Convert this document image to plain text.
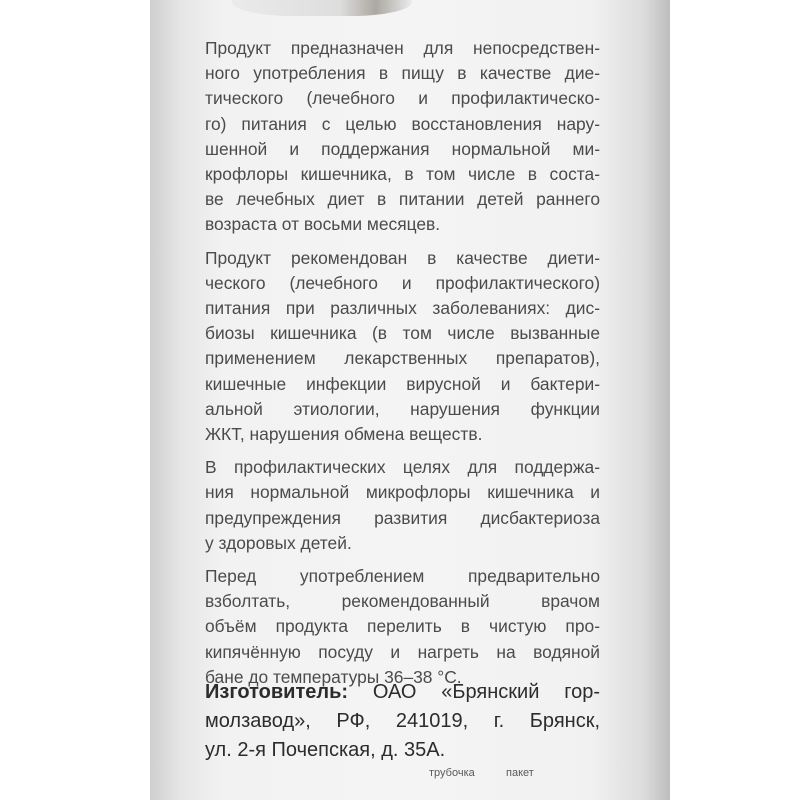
Продукт предназначен для непосредствен-
ного употребления в пищу в качестве дие-
тического (лечебного и профилактическо-
го) питания с целью восстановления нару-
шенной и поддержания нормальной ми-
крофлоры кишечника, в том числе в соста-
ве лечебных диет в питании детей раннего
возраста от восьми месяцев.

Продукт рекомендован в качестве диети-
ческого (лечебного и профилактического)
питания при различных заболеваниях: дис-
биозы кишечника (в том числе вызванные
применением лекарственных препаратов),
кишечные инфекции вирусной и бактери-
альной этиологии, нарушения функции
ЖКТ, нарушения обмена веществ.

В профилактических целях для поддержа-
ния нормальной микрофлоры кишечника и
предупреждения развития дисбактериоза
у здоровых детей.

Перед употреблением предварительно
взболтать, рекомендованный врачом
объём продукта перелить в чистую про-
кипячённую посуду и нагреть на водяной
бане до температуры 36–38 °С.

Изготовитель: ОАО «Брянский гор-
молзавод», РФ, 241019, г. Брянск,
ул. 2-я Почепская, д. 35А.
трубочка	пакет
